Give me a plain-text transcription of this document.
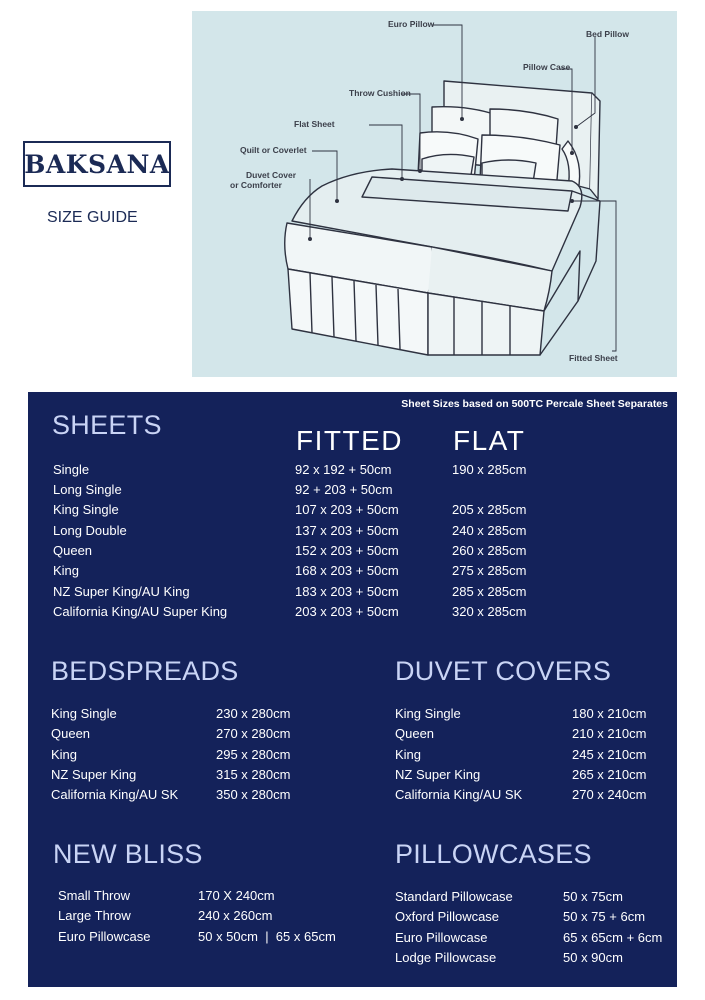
BAKSANA
SIZE GUIDE
Euro Pillow
Bed Pillow
Pillow Case
Throw Cushion
Flat Sheet
Quilt or Coverlet
Duvet Cover
or Comforter
Fitted Sheet
Sheet Sizes based on 500TC Percale Sheet Separates
SHEETS	FITTED FLAT
Single	92 x 192 + 50cm	190 x 285cm
Long Single	92 + 203 + 50cm
King Single	107 x 203 + 50cm	205 x 285cm
Long Double	137 x 203 + 50cm	240 x 285cm
Queen	152 x 203 + 50cm	260 x 285cm
King	168 x 203 + 50cm	275 x 285cm
NZ Super King/AU King	183 x 203 + 50cm	285 x 285cm
California King/AU Super King	203 x 203 + 50cm	320 x 285cm
BEDSPREADS
King Single	230 x 280cm
Queen	270 x 280cm
King	295 x 280cm
NZ Super King	315 x 280cm
California King/AU SK	350 x 280cm
DUVET COVERS
King Single	180 x 210cm
Queen	210 x 210cm
King	245 x 210cm
NZ Super King	265 x 210cm
California King/AU SK	270 x 240cm
NEW BLISS
Small Throw	170 X 240cm
Large Throw	240 x 260cm
Euro Pillowcase	50 x 50cm  |  65 x 65cm
PILLOWCASES
Standard Pillowcase	50 x 75cm
Oxford Pillowcase	50 x 75 + 6cm
Euro Pillowcase	65 x 65cm + 6cm
Lodge Pillowcase	50 x 90cm
